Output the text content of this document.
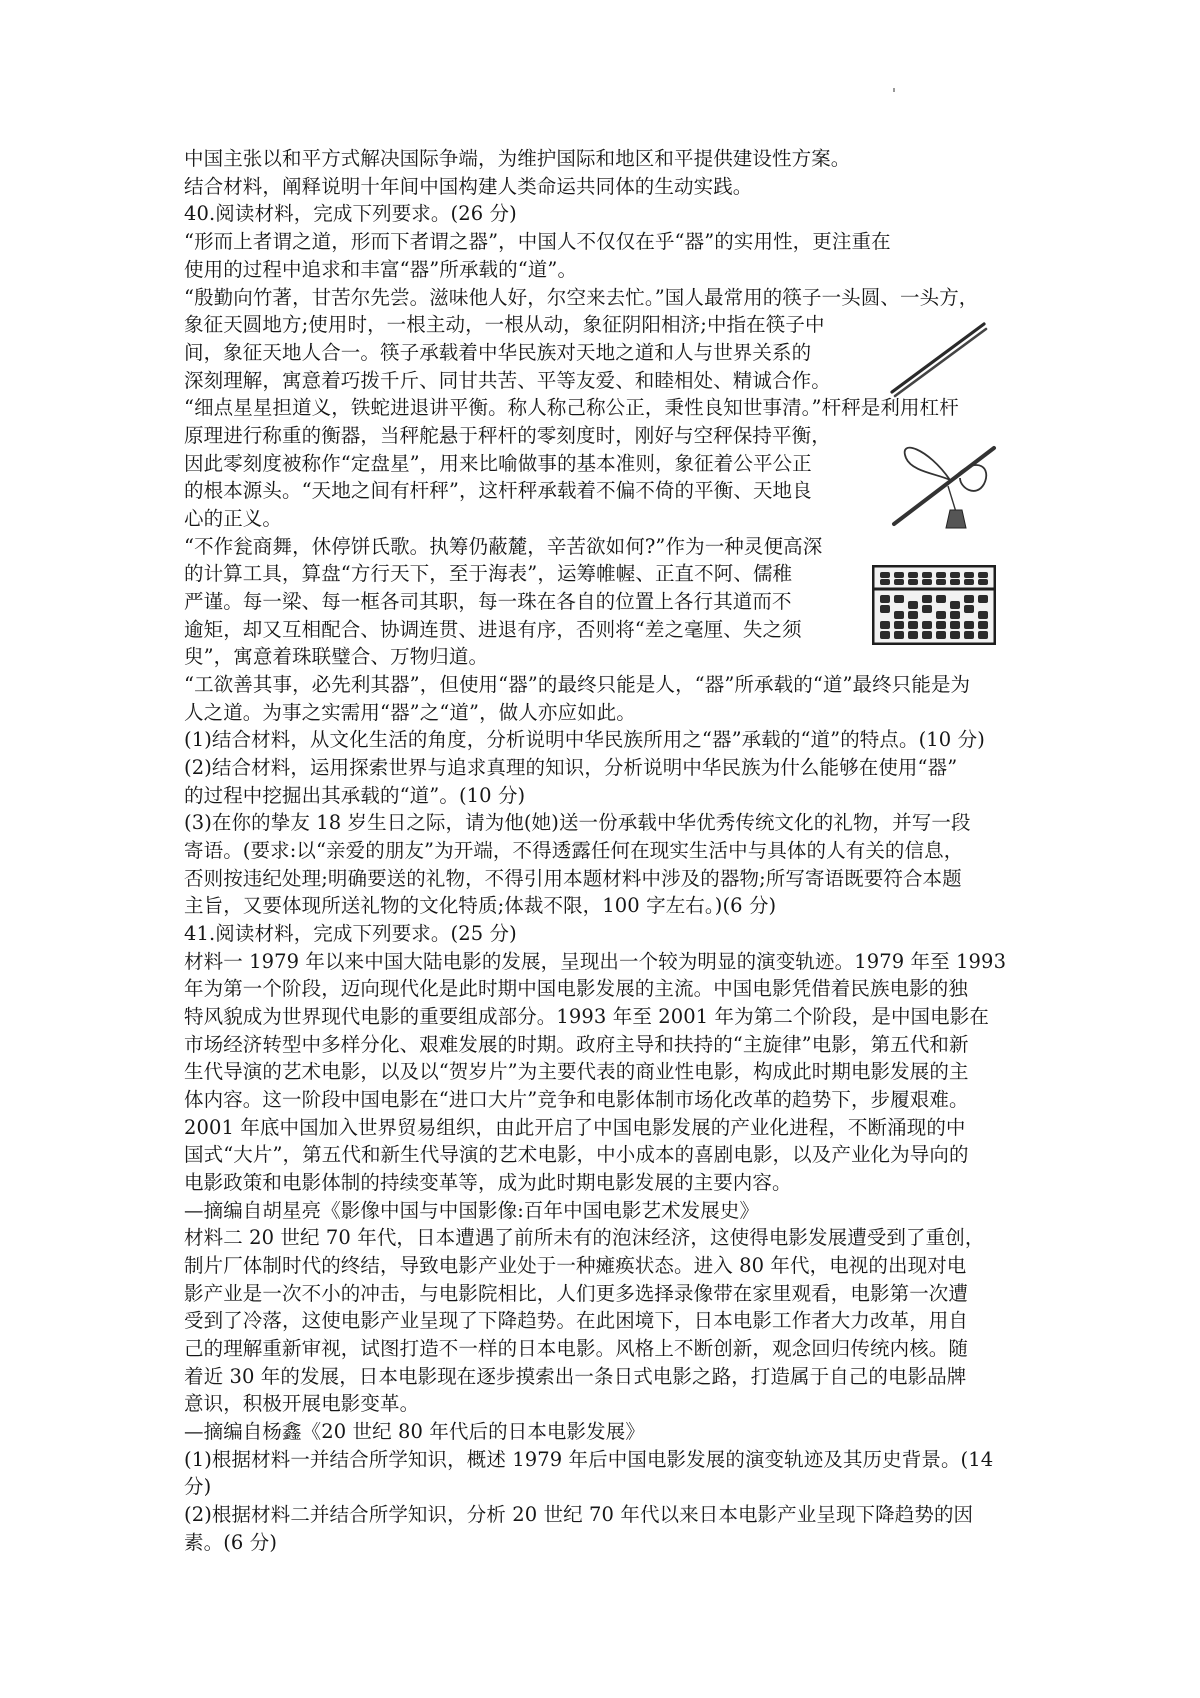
中国主张以和平方式解决国际争端，为维护国际和地区和平提供建设性方案。
结合材料，阐释说明十年间中国构建人类命运共同体的生动实践。
40.阅读材料，完成下列要求。(26 分)
“形而上者谓之道，形而下者谓之器”，中国人不仅仅在乎“器”的实用性，更注重在
使用的过程中追求和丰富“器”所承载的“道”。
“殷勤向竹著，甘苦尔先尝。滋味他人好，尔空来去忙。”国人最常用的筷子一头圆、一头方，
象征天圆地方;使用时，一根主动，一根从动，象征阴阳相济;中指在筷子中
间，象征天地人合一。筷子承载着中华民族对天地之道和人与世界关系的
深刻理解，寓意着巧拨千斤、同甘共苦、平等友爱、和睦相处、精诚合作。
“细点星星担道义，铁蛇进退讲平衡。称人称己称公正，秉性良知世事清。”杆秤是利用杠杆
原理进行称重的衡器，当秤舵悬于秤杆的零刻度时，刚好与空秤保持平衡，
因此零刻度被称作“定盘星”，用来比喻做事的基本准则，象征着公平公正
的根本源头。“天地之间有杆秤”，这杆秤承载着不偏不倚的平衡、天地良
心的正义。
“不作瓮商舞，休停饼氏歌。执筹仍蔽麓，辛苦欲如何?”作为一种灵便高深
的计算工具，算盘“方行天下，至于海表”，运筹帷幄、正直不阿、儒稚
严谨。每一梁、每一框各司其职，每一珠在各自的位置上各行其道而不
逾矩，却又互相配合、协调连贯、进退有序，否则将“差之毫厘、失之须
臾”，寓意着珠联璧合、万物归道。
“工欲善其事，必先利其器”，但使用“器”的最终只能是人，“器”所承载的“道”最终只能是为
人之道。为事之实需用“器”之“道”，做人亦应如此。
(1)结合材料，从文化生活的角度，分析说明中华民族所用之“器”承载的“道”的特点。(10 分)
(2)结合材料，运用探索世界与追求真理的知识，分析说明中华民族为什么能够在使用“器”
的过程中挖掘出其承载的“道”。(10 分)
(3)在你的挚友 18 岁生日之际，请为他(她)送一份承载中华优秀传统文化的礼物，并写一段
寄语。(要求:以“亲爱的朋友”为开端，不得透露任何在现实生活中与具体的人有关的信息，
否则按违纪处理;明确要送的礼物，不得引用本题材料中涉及的器物;所写寄语既要符合本题
主旨，又要体现所送礼物的文化特质;体裁不限，100 字左右。)(6 分)
41.阅读材料，完成下列要求。(25 分)
材料一 1979 年以来中国大陆电影的发展，呈现出一个较为明显的演变轨迹。1979 年至 1993
年为第一个阶段，迈向现代化是此时期中国电影发展的主流。中国电影凭借着民族电影的独
特风貌成为世界现代电影的重要组成部分。1993 年至 2001 年为第二个阶段，是中国电影在
市场经济转型中多样分化、艰难发展的时期。政府主导和扶持的“主旋律”电影，第五代和新
生代导演的艺术电影，以及以“贺岁片”为主要代表的商业性电影，构成此时期电影发展的主
体内容。这一阶段中国电影在“进口大片”竞争和电影体制市场化改革的趋势下，步履艰难。
2001 年底中国加入世界贸易组织，由此开启了中国电影发展的产业化进程，不断涌现的中
国式“大片”，第五代和新生代导演的艺术电影，中小成本的喜剧电影，以及产业化为导向的
电影政策和电影体制的持续变革等，成为此时期电影发展的主要内容。
—摘编自胡星亮《影像中国与中国影像:百年中国电影艺术发展史》
材料二 20 世纪 70 年代，日本遭遇了前所未有的泡沫经济，这使得电影发展遭受到了重创，
制片厂体制时代的终结，导致电影产业处于一种瘫痪状态。进入 80 年代，电视的出现对电
影产业是一次不小的冲击，与电影院相比，人们更多选择录像带在家里观看，电影第一次遭
受到了冷落，这使电影产业呈现了下降趋势。在此困境下，日本电影工作者大力改革，用自
己的理解重新审视，试图打造不一样的日本电影。风格上不断创新，观念回归传统内核。随
着近 30 年的发展，日本电影现在逐步摸索出一条日式电影之路，打造属于自己的电影品牌
意识，积极开展电影变革。
—摘编自杨鑫《20 世纪 80 年代后的日本电影发展》
(1)根据材料一并结合所学知识，概述 1979 年后中国电影发展的演变轨迹及其历史背景。(14
分)
(2)根据材料二并结合所学知识，分析 20 世纪 70 年代以来日本电影产业呈现下降趋势的因
素。(6 分)
